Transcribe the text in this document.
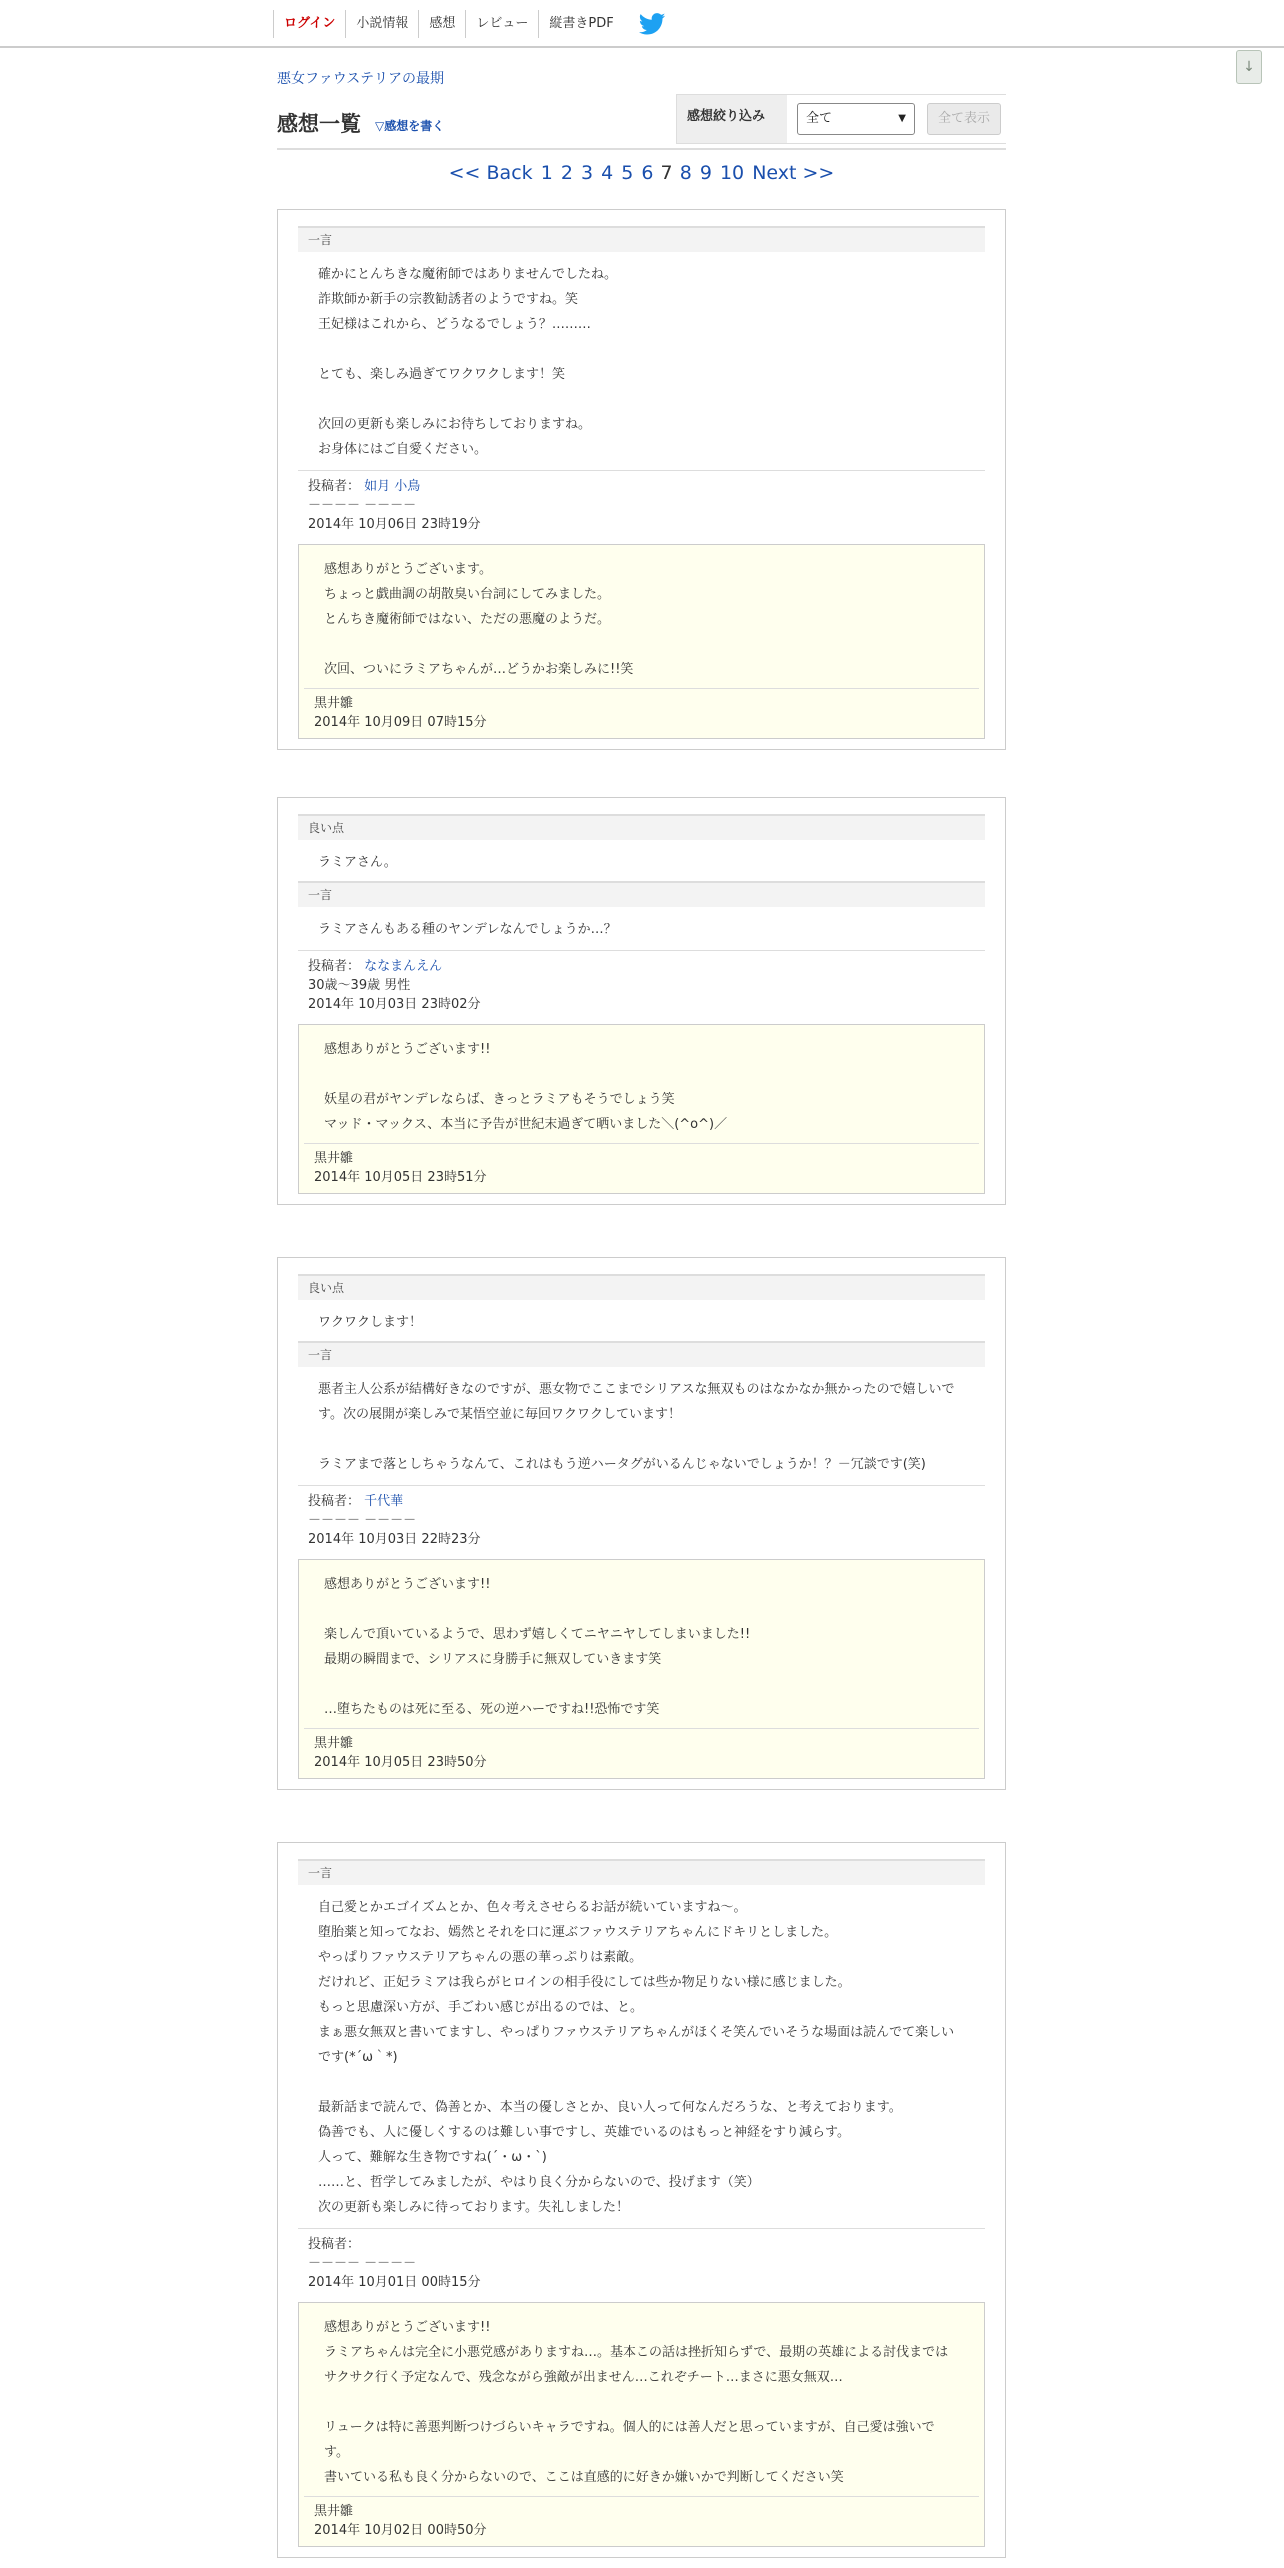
ログイン	小説情報	感想	レビュー	縦書きPDF
↓
悪女ファウステリアの最期
感想一覧 ▽感想を書く
感想絞り込み	全て	▼	全て表示
<< Back 1 2 3 4 5 6 7 8 9 10 Next >>
一言
確かにとんちきな魔術師ではありませんでしたね。
詐欺師か新手の宗教勧誘者のようですね。笑
王妃様はこれから、どうなるでしょう？………

とても、楽しみ過ぎてワクワクします！笑

次回の更新も楽しみにお待ちしておりますね。
お身体にはご自愛ください。
投稿者： 如月 小鳥
－－－－ －－－－
2014年 10月06日 23時19分
感想ありがとうございます。
ちょっと戯曲調の胡散臭い台詞にしてみました。
とんちき魔術師ではない、ただの悪魔のようだ。

次回、ついにラミアちゃんが…どうかお楽しみに!!笑
黒井雛
2014年 10月09日 07時15分
良い点
ラミアさん。
一言
ラミアさんもある種のヤンデレなんでしょうか…？
投稿者： ななまんえん
30歳～39歳 男性
2014年 10月03日 23時02分
感想ありがとうございます!!

妖星の君がヤンデレならば、きっとラミアもそうでしょう笑
マッド・マックス、本当に予告が世紀末過ぎて晒いました＼(^o^)／
黒井雛
2014年 10月05日 23時51分
良い点
ワクワクします！
一言
悪者主人公系が結構好きなのですが、悪女物でここまでシリアスな無双ものはなかなか無かったので嬉しいです。次の展開が楽しみで某悟空並に毎回ワクワクしています！

ラミアまで落としちゃうなんて、これはもう逆ハータグがいるんじゃないでしょうか！？－冗談です(笑)
投稿者： 千代華
－－－－ －－－－
2014年 10月03日 22時23分
感想ありがとうございます!!

楽しんで頂いているようで、思わず嬉しくてニヤニヤしてしまいました!!
最期の瞬間まで、シリアスに身勝手に無双していきます笑

…堕ちたものは死に至る、死の逆ハーですね!!恐怖です笑
黒井雛
2014年 10月05日 23時50分
一言
自己愛とかエゴイズムとか、色々考えさせらるお話が続いていますね～。
堕胎薬と知ってなお、嫣然とそれを口に運ぶファウステリアちゃんにドキリとしました。
やっぱりファウステリアちゃんの悪の華っぷりは素敵。
だけれど、正妃ラミアは我らがヒロインの相手役にしては些か物足りない様に感じました。
もっと思慮深い方が、手ごわい感じが出るのでは、と。
まぁ悪女無双と書いてますし、やっぱりファウステリアちゃんがほくそ笑んでいそうな場面は読んでて楽しいです(*´ω｀*)

最新話まで読んで、偽善とか、本当の優しさとか、良い人って何なんだろうな、と考えております。
偽善でも、人に優しくするのは難しい事ですし、英雄でいるのはもっと神経をすり減らす。
人って、難解な生き物ですね(´・ω・`)
……と、哲学してみましたが、やはり良く分からないので、投げます（笑）
次の更新も楽しみに待っております。失礼しました！
投稿者：
－－－－ －－－－
2014年 10月01日 00時15分
感想ありがとうございます!!
ラミアちゃんは完全に小悪党感がありますね…。基本この話は挫折知らずで、最期の英雄による討伐まではサクサク行く予定なんで、残念ながら強敵が出ません…これぞチート…まさに悪女無双…

リュークは特に善悪判断つけづらいキャラですね。個人的には善人だと思っていますが、自己愛は強いです。
書いている私も良く分からないので、ここは直感的に好きか嫌いかで判断してください笑
黒井雛
2014年 10月02日 00時50分
